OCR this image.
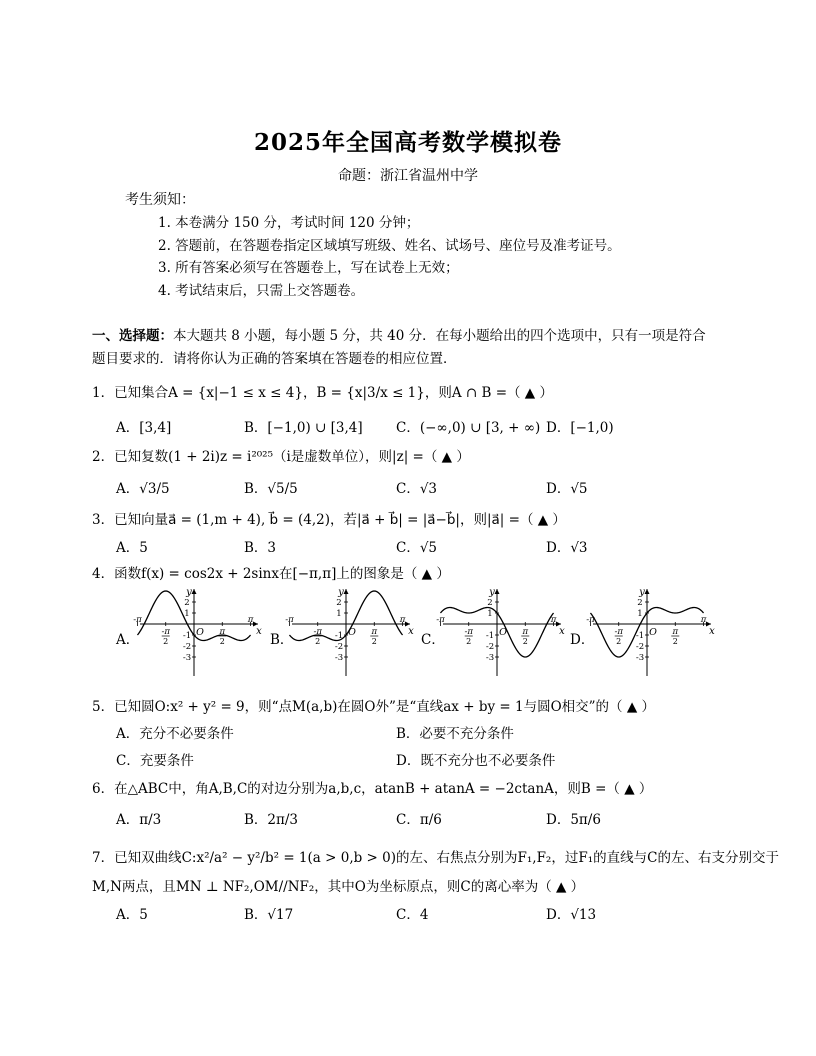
2025年全国高考数学模拟卷
命题：浙江省温州中学
考生须知：
1. 本卷满分 150 分，考试时间 120 分钟；
2. 答题前，在答题卷指定区域填写班级、姓名、试场号、座位号及准考证号。
3. 所有答案必须写在答题卷上，写在试卷上无效；
4. 考试结束后，只需上交答题卷。
一、选择题：本大题共 8 小题，每小题 5 分，共 40 分．在每小题给出的四个选项中，只有一项是符合
题目要求的．请将你认为正确的答案填在答题卷的相应位置．
1．已知集合A = {x|−1 ≤ x ≤ 4}，B = {x|3/x ≤ 1}，则A ∩ B =（ ▲ ）
A．[3,4]	B．[−1,0) ∪ [3,4] C．(−∞,0) ∪ [3, + ∞) D．[−1,0)
2．已知复数(1 + 2i)z = i²⁰²⁵（i是虚数单位），则|z| =（ ▲ ）
A．√3/5	B．√5/5	C．√3	D．√5
3．已知向量a⃗ = (1,m + 4), b⃗ = (4,2)，若|a⃗ + b⃗| = |a⃗−b⃗|，则|a⃗| =（ ▲ ）
A．5	B．3	C．√5	D．√3
4．函数f(x) = cos2x + 2sinx在[−π,π]上的图象是（ ▲ ）
A．	B．	C．	D．
x
y
O
2
1
-1
-2
-3
-π
-π
2
π
2
π
x
y
O
2
1
-1
-2
-3
-π
-π
2
π
2
π
x
y
O
2
1
-1
-2
-3
-π
-π
2
π
2
π
x
y
O
2
1
-1
-2
-3
-π
-π
2
π
2
π
5．已知圆O:x² + y² = 9，则“点M(a,b)在圆O外”是“直线ax + by = 1与圆O相交”的（ ▲ ）
A．充分不必要条件	B．必要不充分条件
C．充要条件	D．既不充分也不必要条件
6．在△ABC中，角A,B,C的对边分别为a,b,c，atanB + atanA = −2ctanA，则B =（ ▲ ）
A．π/3	B．2π/3	C．π/6	D．5π/6
7．已知双曲线C:x²/a² − y²/b² = 1(a > 0,b > 0)的左、右焦点分别为F₁,F₂，过F₁的直线与C的左、右支分别交于
M,N两点，且MN ⊥ NF₂,OM//NF₂，其中O为坐标原点，则C的离心率为（ ▲ ）
A．5	B．√17	C．4	D．√13
